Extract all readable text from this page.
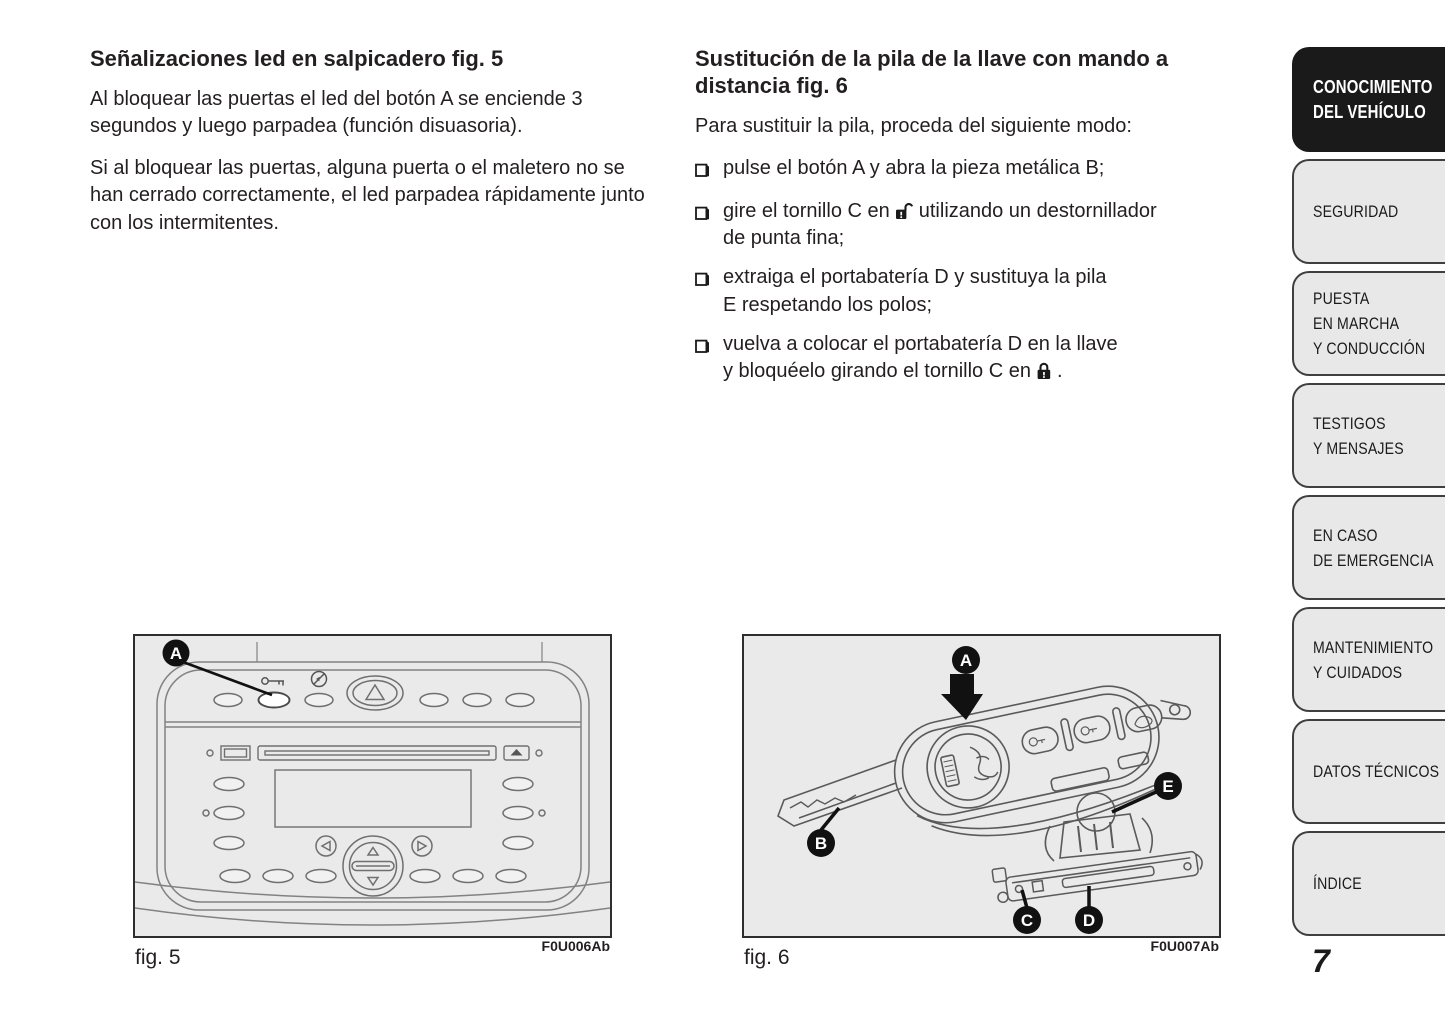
Señalizaciones led en salpicadero fig. 5

Al bloquear las puertas el led del botón A se enciende 3 segundos y luego parpadea (función disuasoria).

Si al bloquear las puertas, alguna puerta o el maletero no se han cerrado correctamente, el led parpadea rápidamente junto con los intermitentes.

Sustitución de la pila de la llave con mando a distancia fig. 6

Para sustituir la pila, proceda del siguiente modo:

pulse el botón A y abra la pieza metálica B;
gire el tornillo C en utilizando un destornillador
de punta fina;
extraiga el portabatería D y sustituya la pila
E respetando los polos;
vuelva a colocar el portabatería D en la llave
y bloquéelo girando el tornillo C en .
A
fig. 5	F0U006Ab
A
B
C	D
E
fig. 6	F0U007Ab
CONOCIMIENTO
DEL VEHÍCULO
SEGURIDAD
PUESTA
EN MARCHA
Y CONDUCCIÓN
TESTIGOS
Y MENSAJES
EN CASO
DE EMERGENCIA
MANTENIMIENTO
Y CUIDADOS
DATOS TÉCNICOS
ÍNDICE
7
